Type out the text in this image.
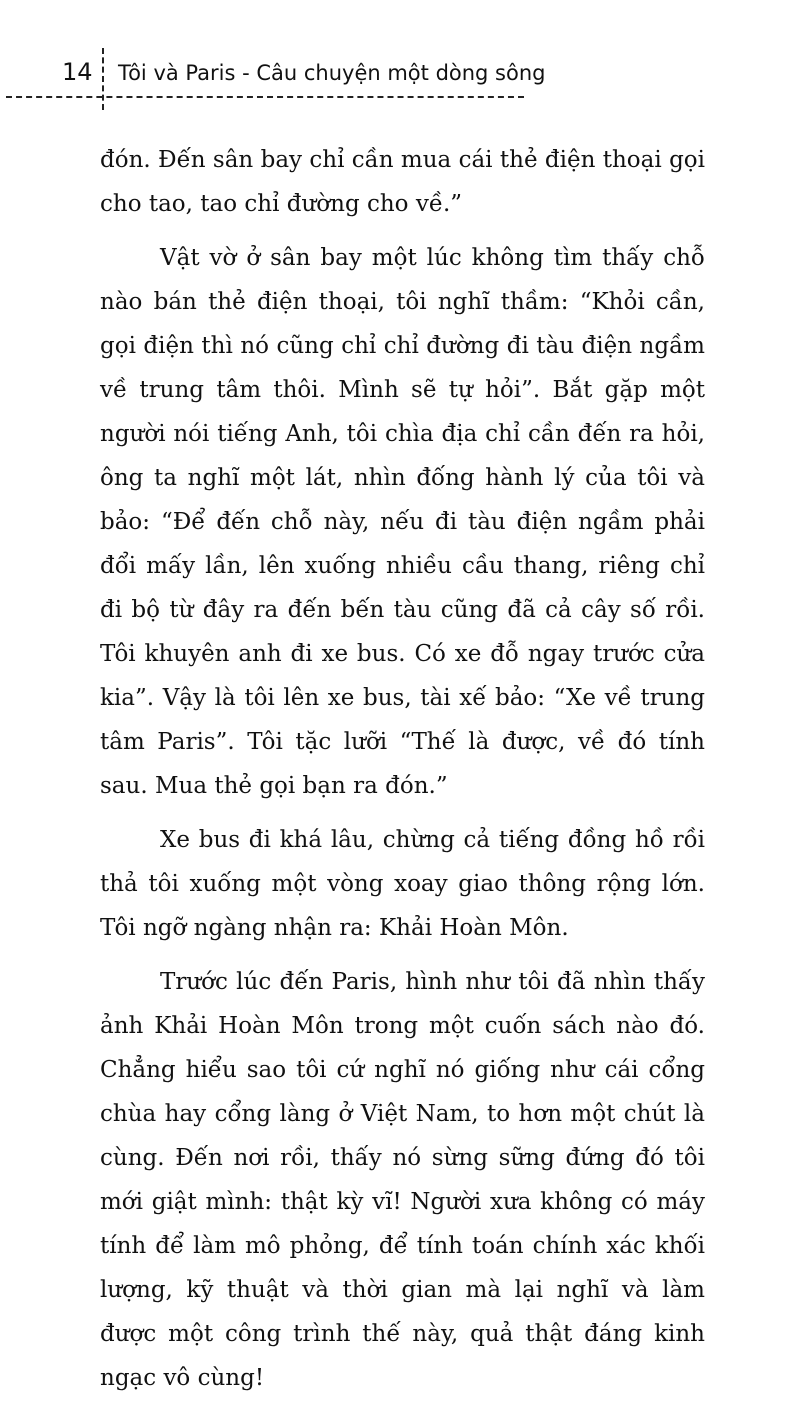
14 Tôi và Paris - Câu chuyện một dòng sông

đón. Đến sân bay chỉ cần mua cái thẻ điện thoại gọi cho tao, tao chỉ đường cho về.”

Vật vờ ở sân bay một lúc không tìm thấy chỗ nào bán thẻ điện thoại, tôi nghĩ thầm: “Khỏi cần, gọi điện thì nó cũng chỉ chỉ đường đi tàu điện ngầm về trung tâm thôi. Mình sẽ tự hỏi”. Bắt gặp một người nói tiếng Anh, tôi chìa địa chỉ cần đến ra hỏi, ông ta nghĩ một lát, nhìn đống hành lý của tôi và bảo: “Để đến chỗ này, nếu đi tàu điện ngầm phải đổi mấy lần, lên xuống nhiều cầu thang, riêng chỉ đi bộ từ đây ra đến bến tàu cũng đã cả cây số rồi. Tôi khuyên anh đi xe bus. Có xe đỗ ngay trước cửa kia”. Vậy là tôi lên xe bus, tài xế bảo: “Xe về trung tâm Paris”. Tôi tặc lưỡi “Thế là được, về đó tính sau. Mua thẻ gọi bạn ra đón.”

Xe bus đi khá lâu, chừng cả tiếng đồng hồ rồi thả tôi xuống một vòng xoay giao thông rộng lớn. Tôi ngỡ ngàng nhận ra: Khải Hoàn Môn.

Trước lúc đến Paris, hình như tôi đã nhìn thấy ảnh Khải Hoàn Môn trong một cuốn sách nào đó. Chẳng hiểu sao tôi cứ nghĩ nó giống như cái cổng chùa hay cổng làng ở Việt Nam, to hơn một chút là cùng. Đến nơi rồi, thấy nó sừng sững đứng đó tôi mới giật mình: thật kỳ vĩ! Người xưa không có máy tính để làm mô phỏng, để tính toán chính xác khối lượng, kỹ thuật và thời gian mà lại nghĩ và làm được một công trình thế này, quả thật đáng kinh ngạc vô cùng!
